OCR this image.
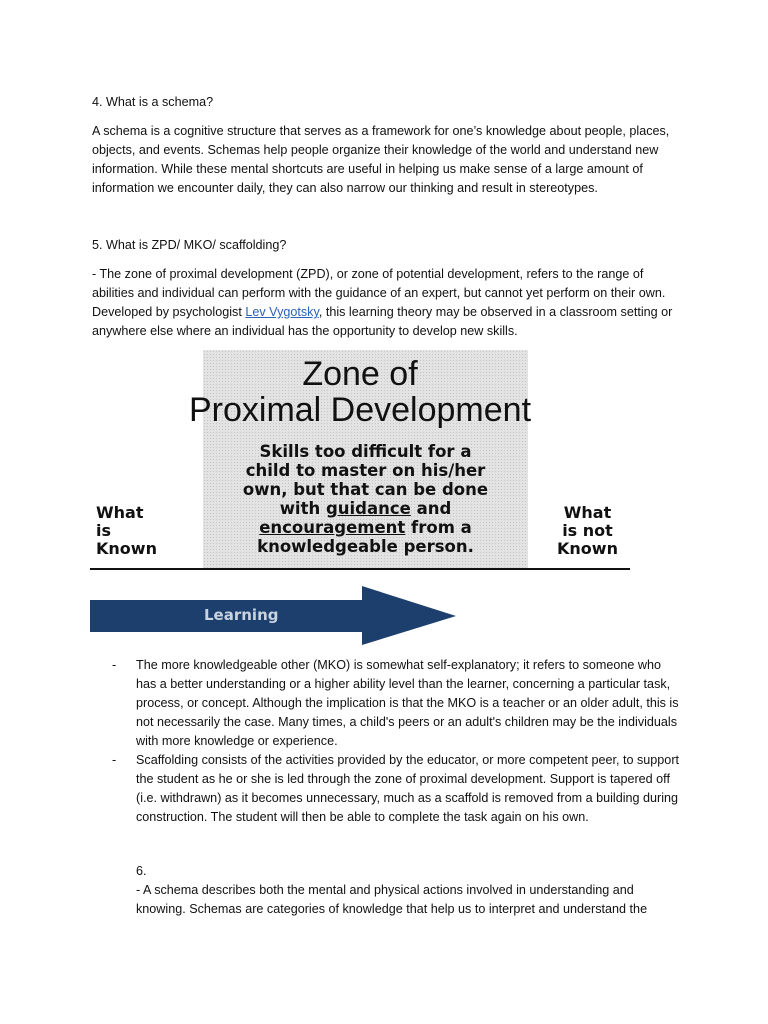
4. What is a schema?

A schema is a cognitive structure that serves as a framework for one’s knowledge about people, places, objects, and events. Schemas help people organize their knowledge of the world and understand new information. While these mental shortcuts are useful in helping us make sense of a large amount of information we encounter daily, they can also narrow our thinking and result in stereotypes.

5. What is ZPD/ MKO/ scaffolding?

- The zone of proximal development (ZPD), or zone of potential development, refers to the range of abilities and individual can perform with the guidance of an expert, but cannot yet perform on their own. Developed by psychologist Lev Vygotsky, this learning theory may be observed in a classroom setting or anywhere else where an individual has the opportunity to develop new skills.

Zone of
Proximal Development
Skills too difficult for a
child to master on his/her
own, but that can be done
with guidance and
encouragement from a
knowledgeable person.
What
is
Known
What
is not
Known
Learning
-	The more knowledgeable other (MKO) is somewhat self-explanatory; it refers to someone who has a better understanding or a higher ability level than the learner, concerning a particular task, process, or concept. Although the implication is that the MKO is a teacher or an older adult, this is not necessarily the case. Many times, a child's peers or an adult's children may be the individuals with more knowledge or experience.
-	Scaffolding consists of the activities provided by the educator, or more competent peer, to support the student as he or she is led through the zone of proximal development. Support is tapered off (i.e. withdrawn) as it becomes unnecessary, much as a scaffold is removed from a building during construction. The student will then be able to complete the task again on his own.

6.

- A schema describes both the mental and physical actions involved in understanding and knowing. Schemas are categories of knowledge that help us to interpret and understand the
